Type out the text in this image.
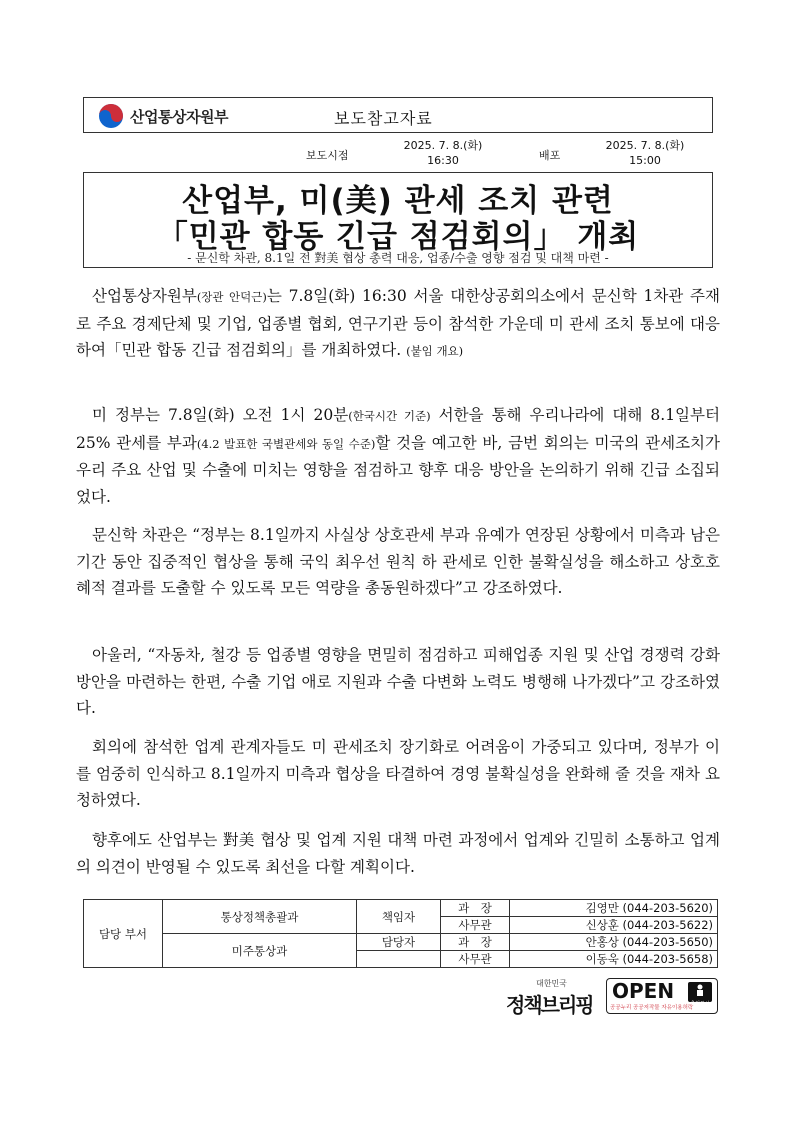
산업통상자원부	보도참고자료
보도시점
2025. 7. 8.(화)
16:30	배포
2025. 7. 8.(화)
15:00
산업부, 미(美) 관세 조치 관련
「민관 합동 긴급 점검회의」 개최
- 문신학 차관, 8.1일 전 對美 협상 총력 대응, 업종/수출 영향 점검 및 대책 마련 -

산업통상자원부(장관 안덕근)는 7.8일(화) 16:30 서울 대한상공회의소에서 문신학 1차관 주재로 주요 경제단체 및 기업, 업종별 협회, 연구기관 등이 참석한 가운데 미 관세 조치 통보에 대응하여「민관 합동 긴급 점검회의」를 개최하였다. (붙임 개요)

미 정부는 7.8일(화) 오전 1시 20분(한국시간 기준) 서한을 통해 우리나라에 대해 8.1일부터 25% 관세를 부과(4.2 발표한 국별관세와 동일 수준)할 것을 예고한 바, 금번 회의는 미국의 관세조치가 우리 주요 산업 및 수출에 미치는 영향을 점검하고 향후 대응 방안을 논의하기 위해 긴급 소집되었다.

문신학 차관은 “정부는 8.1일까지 사실상 상호관세 부과 유예가 연장된 상황에서 미측과 남은 기간 동안 집중적인 협상을 통해 국익 최우선 원칙 하 관세로 인한 불확실성을 해소하고 상호호혜적 결과를 도출할 수 있도록 모든 역량을 총동원하겠다”고 강조하였다.

아울러, “자동차, 철강 등 업종별 영향을 면밀히 점검하고 피해업종 지원 및 산업 경쟁력 강화 방안을 마련하는 한편, 수출 기업 애로 지원과 수출 다변화 노력도 병행해 나가겠다”고 강조하였다.

회의에 참석한 업계 관계자들도 미 관세조치 장기화로 어려움이 가중되고 있다며, 정부가 이를 엄중히 인식하고 8.1일까지 미측과 협상을 타결하여 경영 불확실성을 완화해 줄 것을 재차 요청하였다.

향후에도 산업부는 對美 협상 및 업계 지원 대책 마련 과정에서 업계와 긴밀히 소통하고 업계의 의견이 반영될 수 있도록 최선을 다할 계획이다.

담당 부서	통상정책총괄과	책임자	과　장	김영만 (044-203-5620)
			사무관	신상훈 (044-203-5622)
	미주통상과	담당자	과　장	안홍상 (044-203-5650)
			사무관	이동욱 (044-203-5658)
대한민국
정책브리핑
OPEN
공공누리 공공저작물 자유이용허락
출처표시
